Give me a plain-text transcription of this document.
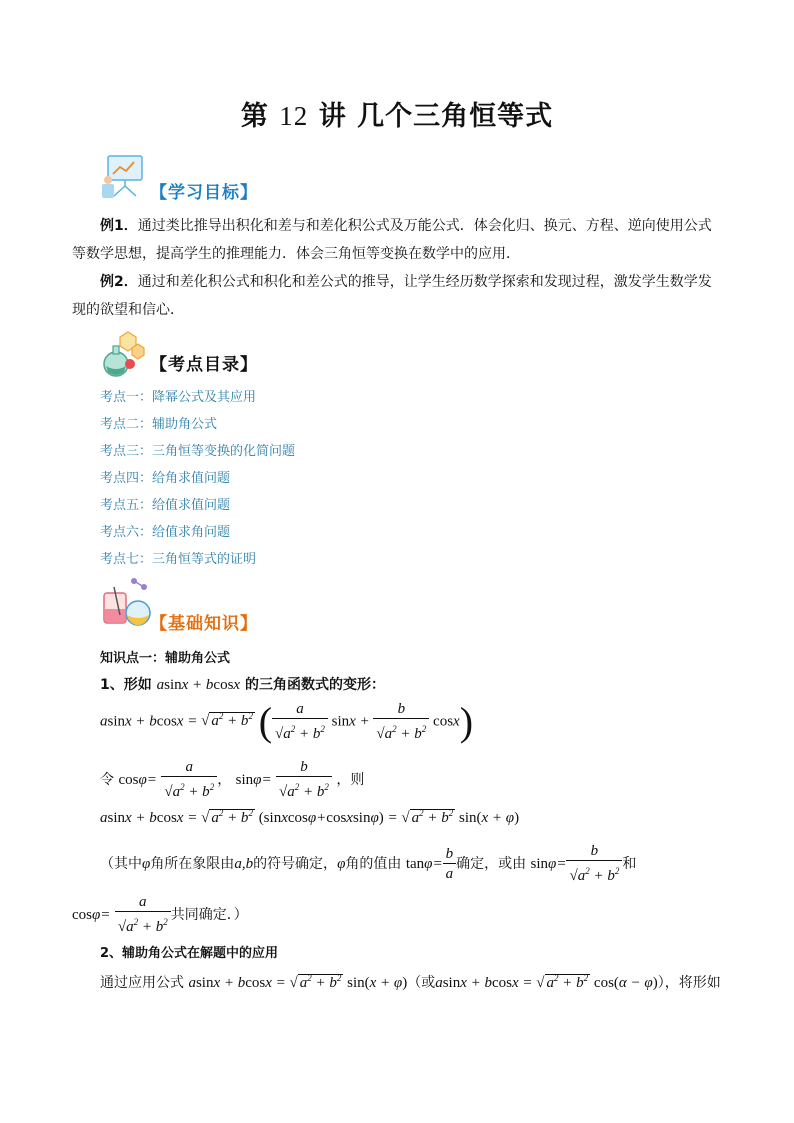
第 12 讲 几个三角恒等式
【学习目标】
例1．通过类比推导出积化和差与和差化积公式及万能公式．体会化归、换元、方程、逆向使用公式等数学思想，提高学生的推理能力．体会三角恒等变换在数学中的应用．
例2．通过和差化积公式和积化和差公式的推导，让学生经历数学探索和发现过程，激发学生数学发现的欲望和信心．
【考点目录】
考点一：降幂公式及其应用
考点二：辅助角公式
考点三：三角恒等变换的化简问题
考点四：给角求值问题
考点五：给值求值问题
考点六：给值求角问题
考点七：三角恒等式的证明
【基础知识】
知识点一：辅助角公式
1、形如 asinx + bcosx 的三角函数式的变形：
asinx + bcosx = √ $a^2 + b^2$ ( $\frac{a}{√a^2 + b^2}$ $\sin x + \frac{b}{√a^2 + b^2} \cos x$)
令 $\cos\varphi= \frac{a}{√a^2 + b^2}$ ， $\sin\varphi= \frac{b}{√a^2 + b^2}$ ，则
asinx + bcosx = √ $a^2 + b^2$ (sinxcosφ+cosxsinφ) = √ $a^2 + b^2$ sin(x + φ)
（其中φ角所在象限由a,b的符号确定，φ角的值由 $\tan\varphi= \frac{b}{a}$ 确定，或由 $\sin\varphi= \frac{b}{√a^2 + b^2}$ 和
$\cos\varphi= \frac{a}{√a^2 + b^2}$ 共同确定．）
2、辅助角公式在解题中的应用
通过应用公式 asinx + bcosx = √ $a^2 + b^2$ sin(x + φ)（或asinx + bcosx = √ $a^2 + b^2$ cos(α − φ)），将形如
